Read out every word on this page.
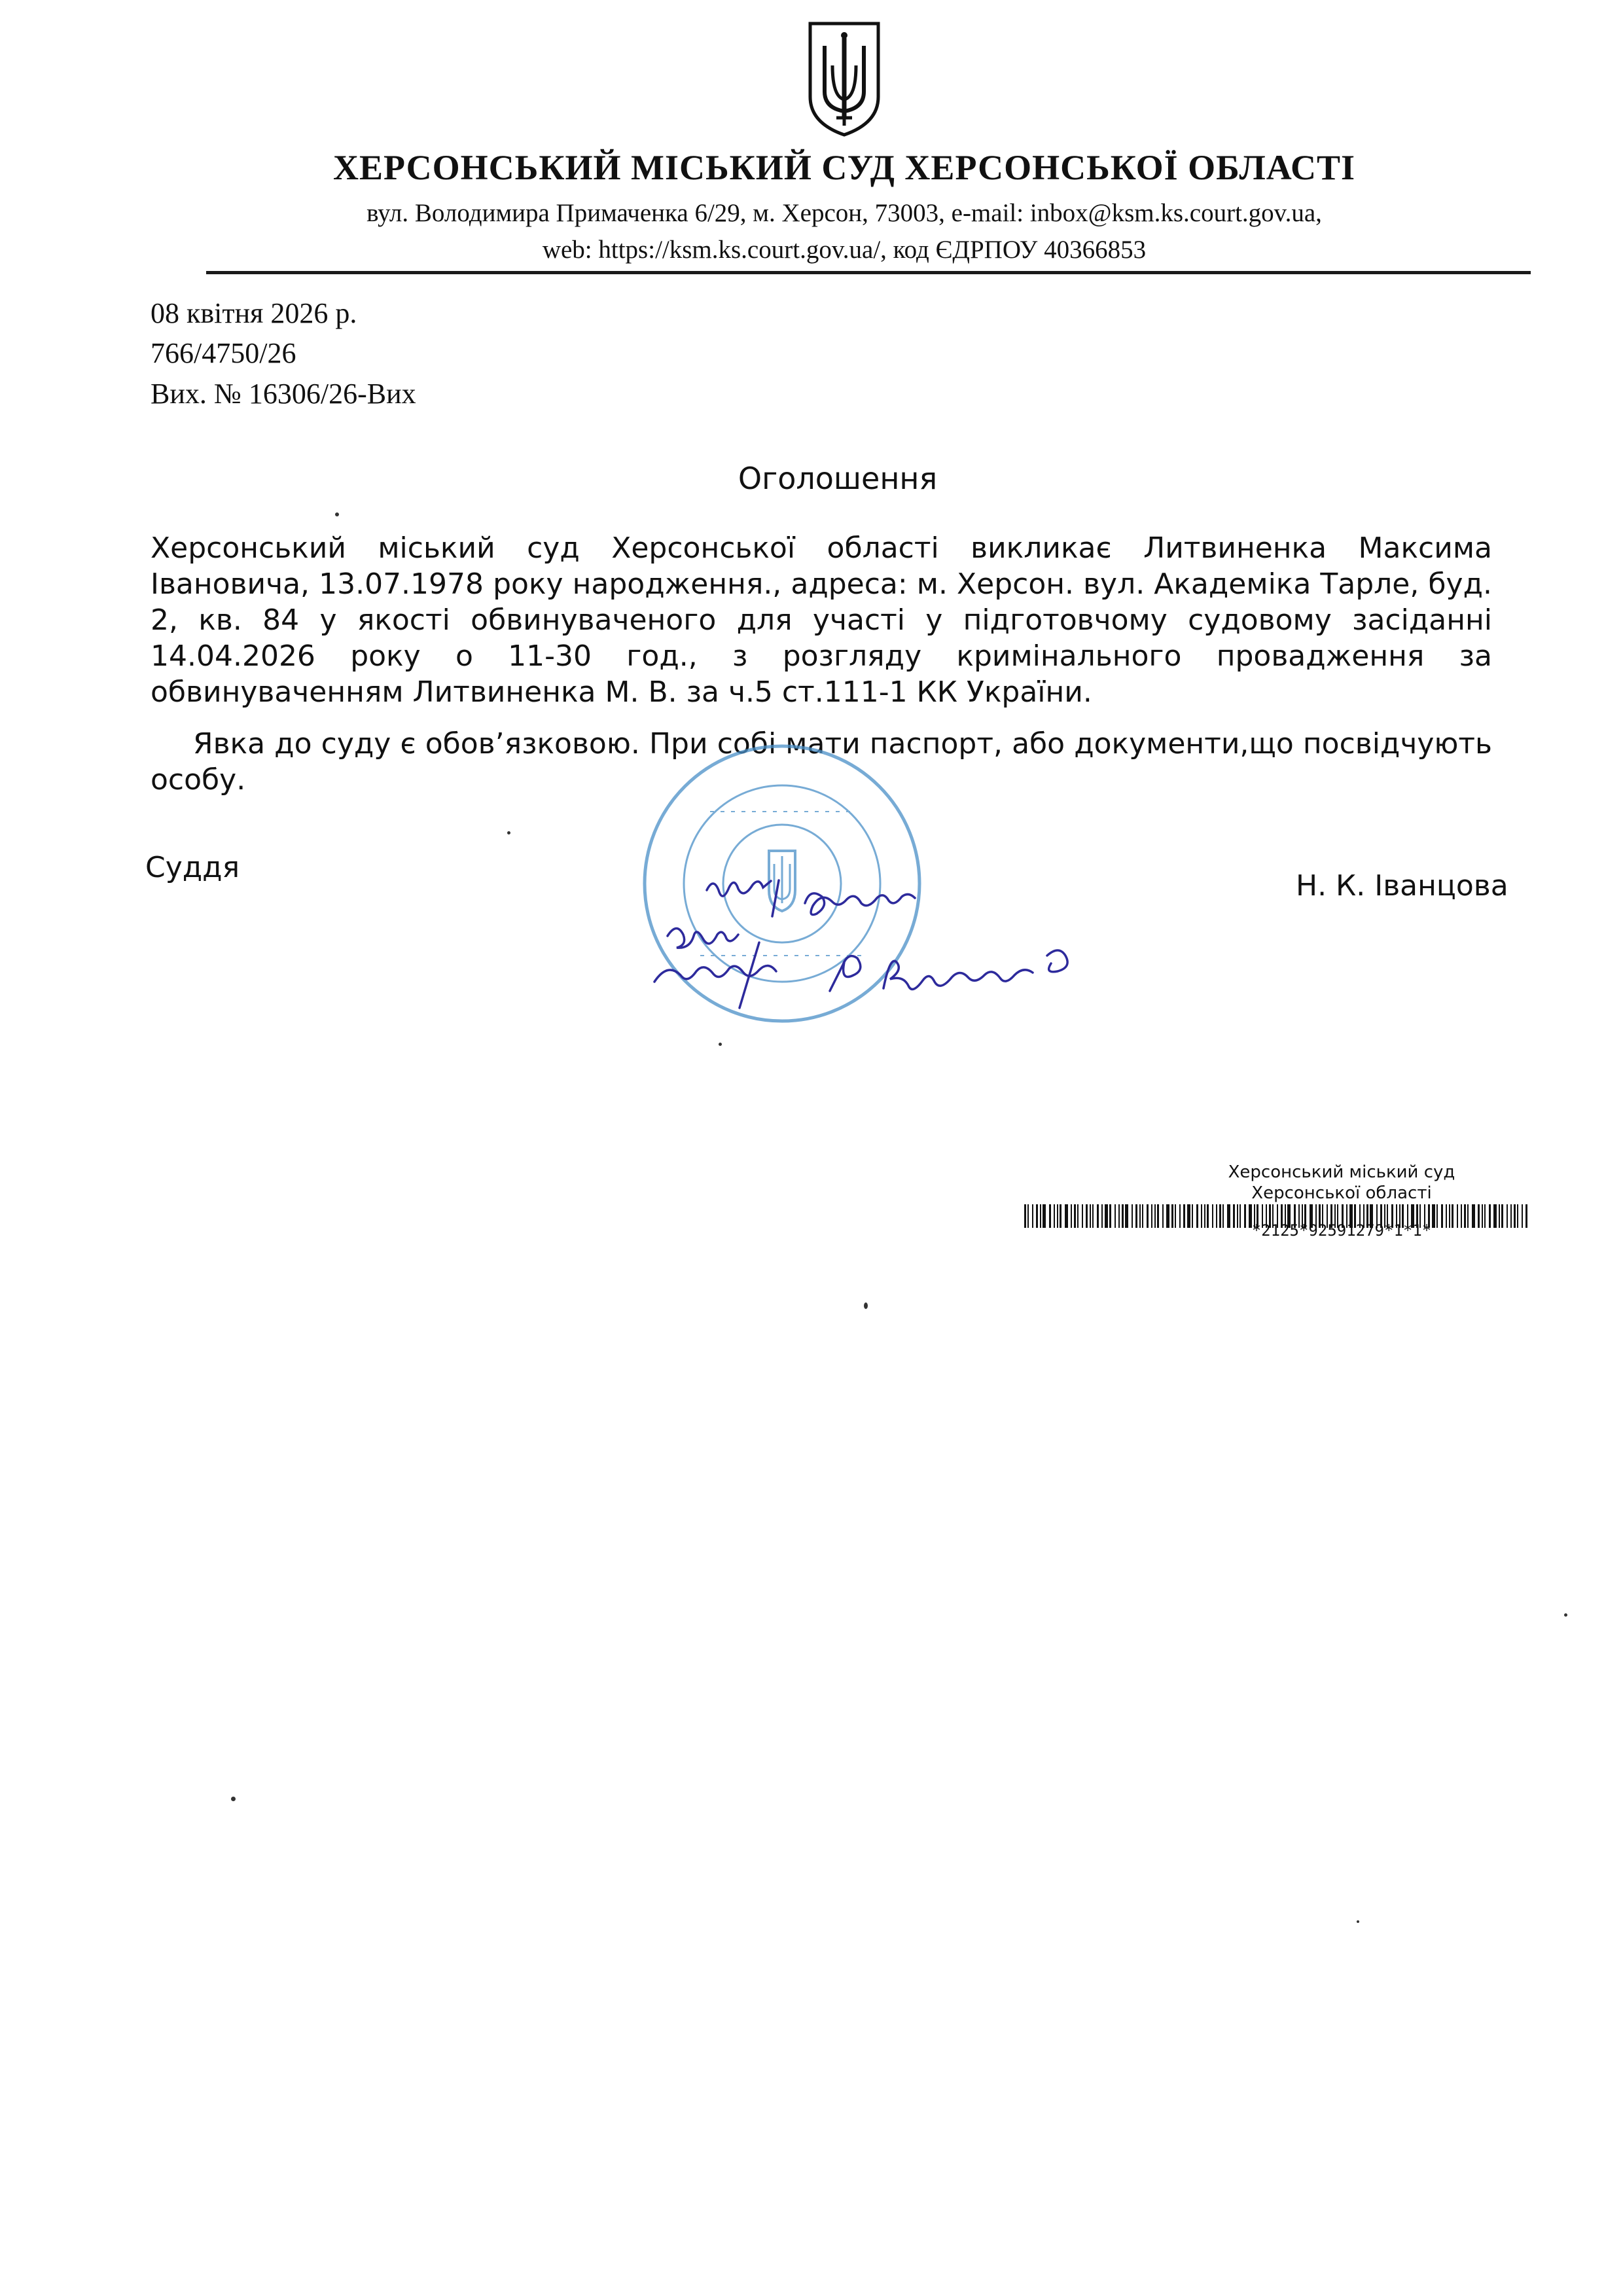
ХЕРСОНСЬКИЙ МІСЬКИЙ СУД ХЕРСОНСЬКОЇ ОБЛАСТІ
вул. Володимира Примаченка 6/29, м. Херсон, 73003, e-mail: inbox@ksm.ks.court.gov.ua,
web: https://ksm.ks.court.gov.ua/, код ЄДРПОУ 40366853
08 квітня 2026 р.
766/4750/26
Вих. № 16306/26-Вих
Оголошення

Херсонський міський суд Херсонської області викликає Литвиненка Максима Івановича, 13.07.1978 року народження., адреса: м. Херсон. вул. Академіка Тарле, буд. 2, кв. 84 у якості обвинуваченого для участі у підготовчому судовому засіданні 14.04.2026 року о 11-30 год., з розгляду кримінального провадження за обвинуваченням Литвиненка М. В. за ч.5 ст.111-1 КК України.

Явка до суду є обов’язковою. При собі мати паспорт, або документи,що посвідчують особу.

Суддя
Н. К. Іванцова
Херсонський міський суд
Херсонської області
*2125*92591279*1*1*
